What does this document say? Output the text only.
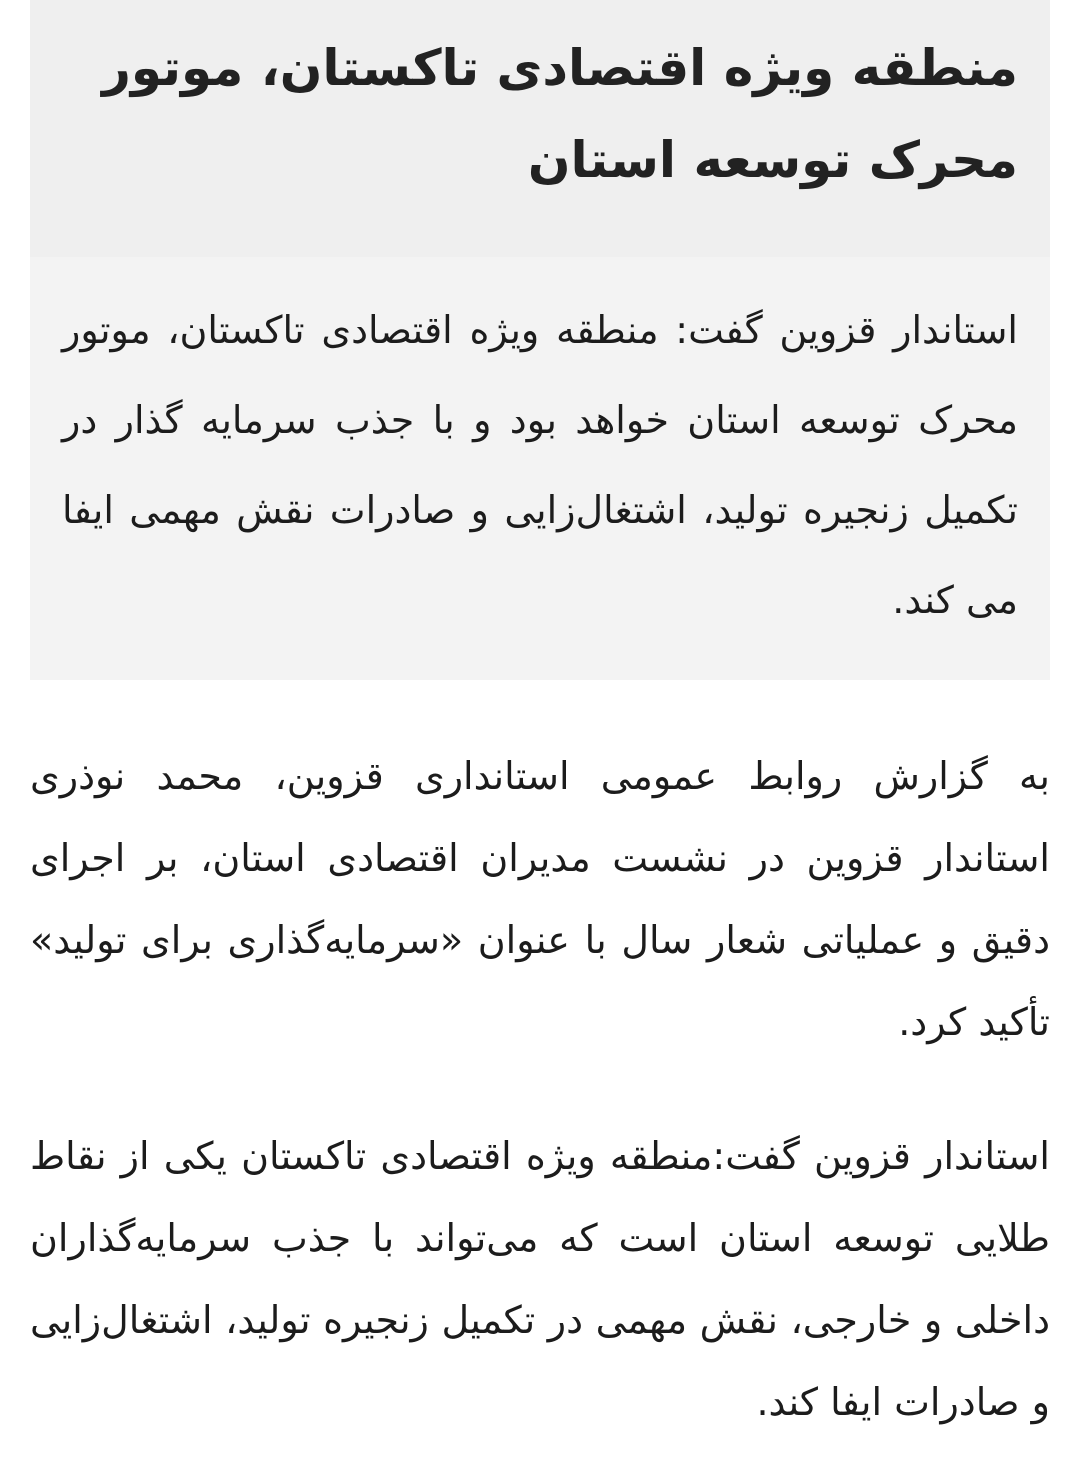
منطقه ویژه اقتصادی تاکستان، موتور محرک توسعه استان

استاندار قزوین گفت: منطقه ویژه اقتصادی تاکستان، موتور محرک توسعه استان خواهد بود و با جذب سرمایه گذار در تکمیل زنجیره تولید، اشتغال‌زایی و صادرات نقش مهمی ایفا می کند.

به گزارش روابط عمومی استانداری قزوین، محمد نوذری استاندار قزوین در نشست مدیران اقتصادی استان، بر اجرای دقیق و عملیاتی شعار سال با عنوان «سرمایه‌گذاری برای تولید» تأکید کرد.

استاندار قزوین گفت:منطقه ویژه اقتصادی تاکستان یکی از نقاط طلایی توسعه استان است که می‌تواند با جذب سرمایه‌گذاران داخلی و خارجی، نقش مهمی در تکمیل زنجیره تولید، اشتغال‌زایی و صادرات ایفا کند.
